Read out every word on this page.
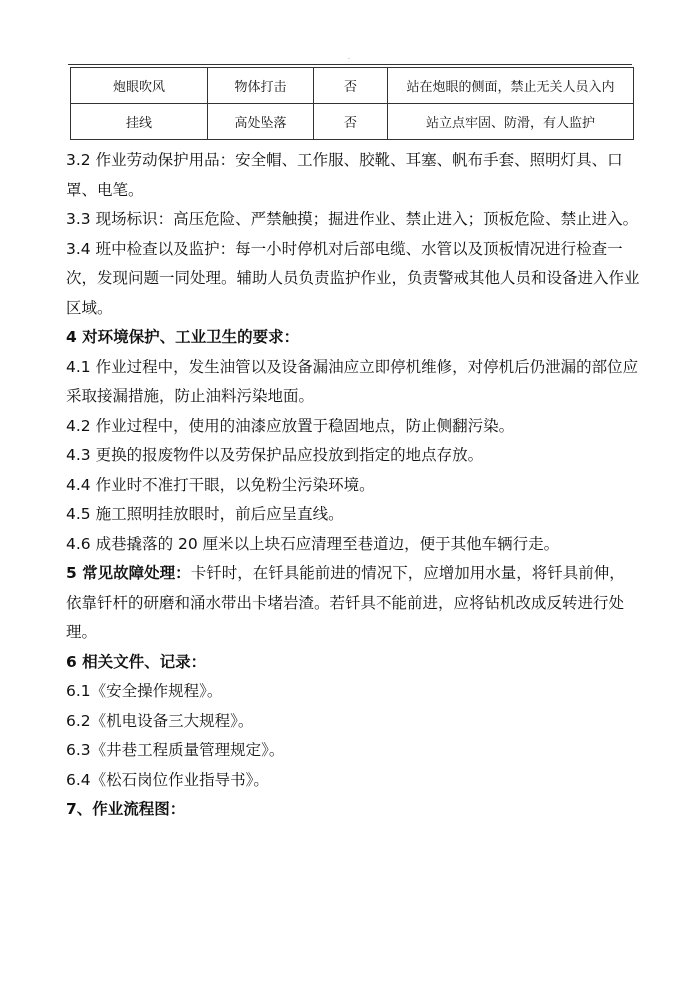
.
炮眼吹风	物体打击	否	站在炮眼的侧面，禁止无关人员入内
挂线	高处坠落	否	站立点牢固、防滑，有人监护

3.2 作业劳动保护用品：安全帽、工作服、胶靴、耳塞、帆布手套、照明灯具、口罩、电笔。

3.3 现场标识：高压危险、严禁触摸；掘进作业、禁止进入；顶板危险、禁止进入。

3.4 班中检查以及监护：每一小时停机对后部电缆、水管以及顶板情况进行检查一次，发现问题一同处理。辅助人员负责监护作业，负责警戒其他人员和设备进入作业区域。

4 对环境保护、工业卫生的要求：

4.1 作业过程中，发生油管以及设备漏油应立即停机维修，对停机后仍泄漏的部位应采取接漏措施，防止油料污染地面。

4.2 作业过程中，使用的油漆应放置于稳固地点，防止侧翻污染。

4.3 更换的报废物件以及劳保护品应投放到指定的地点存放。

4.4 作业时不准打干眼，以免粉尘污染环境。

4.5 施工照明挂放眼时，前后应呈直线。

4.6 成巷撬落的 20 厘米以上块石应清理至巷道边，便于其他车辆行走。

5 常见故障处理：卡钎时，在钎具能前进的情况下，应增加用水量，将钎具前伸，依靠钎杆的研磨和涌水带出卡堵岩渣。若钎具不能前进，应将钻机改成反转进行处理。

6 相关文件、记录：

6.1《安全操作规程》。

6.2《机电设备三大规程》。

6.3《井巷工程质量管理规定》。

6.4《松石岗位作业指导书》。

7、作业流程图：
